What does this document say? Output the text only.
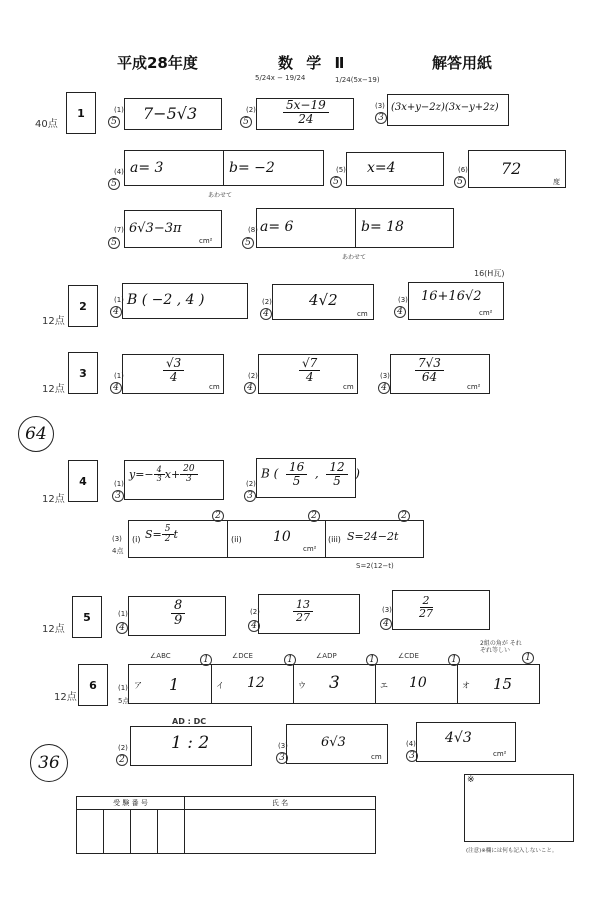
平成28年度	数 学 Ⅱ	解答用紙
40点
1
5/24x − 19/24	1/24(5x−19)
(1)
5 7−5√3	(2)
5	$\frac{5x-19}{24}$	(3)
3
(3x+y−2z)(3x−y+2z)
(4)
5
a= 3	b= −2
あわせて
(5)
5
x=4	(6)
5
72
度
(7)
5
6√3−3π
cm²
(8)
5
a= 6	b= 18
あわせて
12点
2	(1)
4
B ( −2 , 4 )	(2)
4
4√2
cm
16(H瓦)
(3)
4
16+16√2
cm²
12点
3	(1)
4
$\frac{√3}{4}$
cm
(2)
4
$\frac{√7}{4}$
cm
(3)
4
$\frac{7√3}{64}$
cm²
64
12点
4	(1)
3
$y=- \frac{4}{3} x+ \frac{20}{3}$	(2)
3
B ( $\frac{16}{5}$ , $\frac{12}{5}$ )
(3)
4点
(i) $S= \frac{5}{2}$ t	(ii) 10
cm²
(iii) S=24−2t
2	2	2
S=2(12−t)
12点
5	(1)
4
$\frac{8}{9}$	(2)
4
$\frac{13}{27}$	(3)
4
$\frac{2}{27}$
12点
6	(1)
5点
ア 1	イ 12	ウ 3	エ 10	オ 15
∠ABC	∠DCE	∠ADP	∠CDE
2組の角が それぞれ等しい
1	1	1	1	1
AD : DC
(2)
2
1 : 2	(3)
3
6√3
cm
(4)
3
4√3
cm²
36
受 験 番 号				氏 名

※
(注意)※欄には何も記入しないこと。
